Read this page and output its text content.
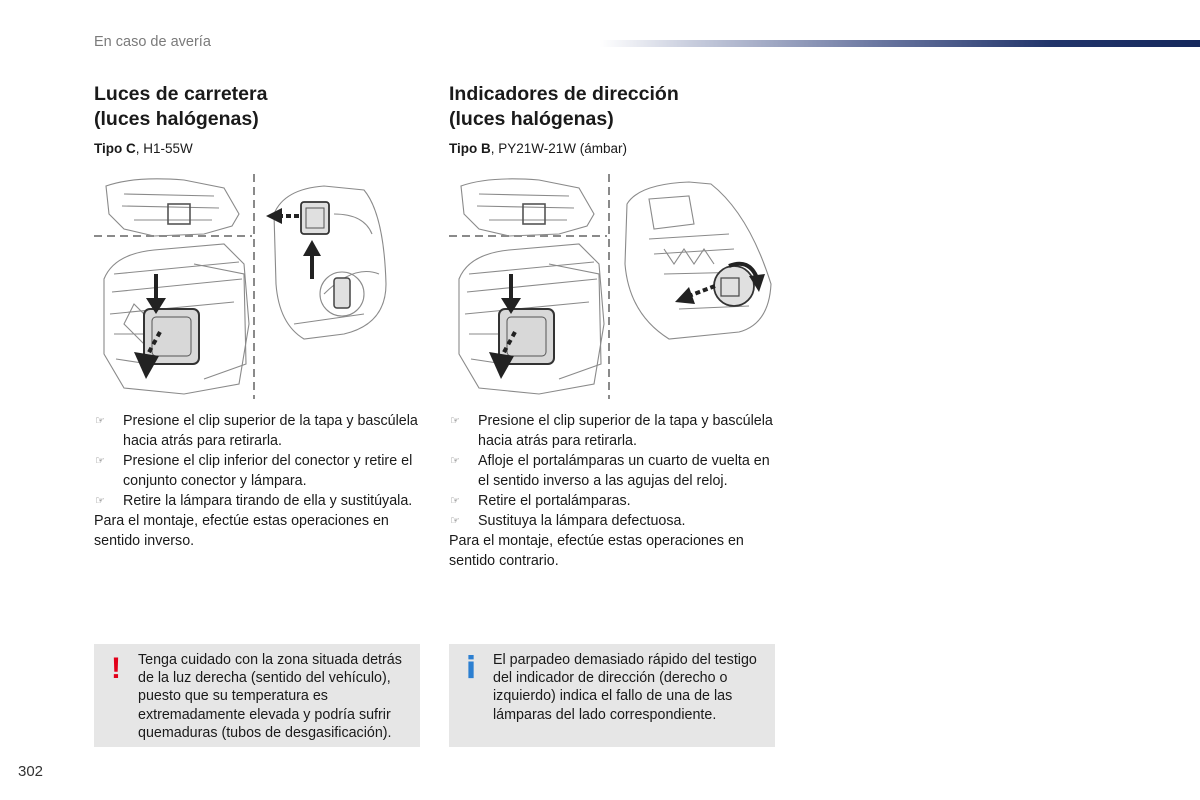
En caso de avería
Luces de carretera
(luces halógenas)
Tipo C, H1-55W
☞ Presione el clip superior de la tapa y bascúlela hacia atrás para retirarla.
☞ Presione el clip inferior del conector y retire el conjunto conector y lámpara.
☞ Retire la lámpara tirando de ella y sustitúyala.

Para el montaje, efectúe estas operaciones en sentido inverso.

Indicadores de dirección
(luces halógenas)
Tipo B, PY21W-21W (ámbar)
☞ Presione el clip superior de la tapa y bascúlela hacia atrás para retirarla.
☞ Afloje el portalámparas un cuarto de vuelta en el sentido inverso a las agujas del reloj.
☞ Retire el portalámparas.
☞ Sustituya la lámpara defectuosa.

Para el montaje, efectúe estas operaciones en sentido contrario.

!	Tenga cuidado con la zona situada detrás de la luz derecha (sentido del vehículo), puesto que su temperatura es extremadamente elevada y podría sufrir quemaduras (tubos de desgasificación).
i	El parpadeo demasiado rápido del testigo del indicador de dirección (derecho o izquierdo) indica el fallo de una de las lámparas del lado correspondiente.
302
